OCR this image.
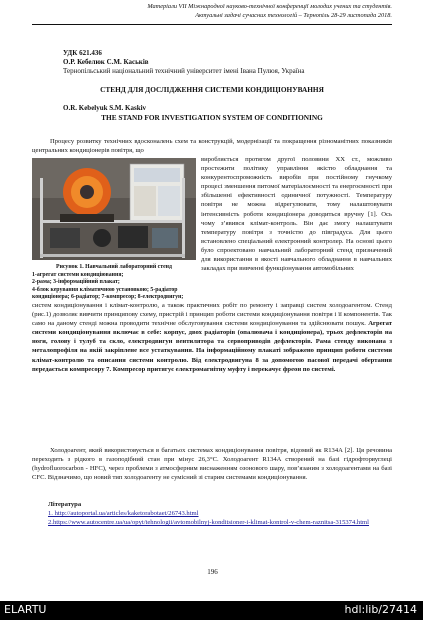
Матеріали VII Міжнародної науково-технічної конференції молодих учених та студентів.
Актуальні задачі сучасних технологій – Тернопіль 28-29 листопада 2018.
УДК 621.436
О.Р. Кебелюк С.М. Каськів
Тернопільський національний технічний університет імені Івана Пулюя, Україна
СТЕНД ДЛЯ ДОСЛІДЖЕННЯ СИСТЕМИ КОНДИЦІОНУВАННЯ
O.R. Kebelyuk S.M. Kaskiv
THE STAND FOR INVESTIGATION SYSTEM OF CONDITIONING
Процесу розвитку технічних вдосконалень схем та конструкцій, модернізації та покращення різноманітних показників центральних кондиціонерів повітря, що
Рисунок 1. Навчальний лабораторний стенд
1-агрегат системи кондиціювання;
2-рама; 3-інформаційний плакат;
4-блок керування кліматичною установкою; 5-радіатор кондиціонера; 6-радіатор; 7-компресор; 8-електродвигун;
виробляється протягом другої половини XX ст., можливо простежити політику управління якістю обладнання та конкурентоспроможність виробів при постійному гнучкому процесі зменшення питомої матеріалоємності та енергоємності при збільшенні ефективності одиничної потужності. Температуру повітря не можна відрегулювати, тому налаштовувати інтенсивність роботи кондиціонера доводиться вручну [1]. Ось чому з’явився клімат-контроль. Він дає змогу налаштувати температуру повітря з точністю до півградуса. Для цього встановлено спеціальний електронний контролер. На основі цього було спроектовано навчальний лабораторний стенд призначений для використання в якості навчального обладнання в навчальних закладах при вивченні функціонування автомобільних
систем кондиціонування і клімат-контролю, а також практичних робіт по ремонту і заправці систем холодоагентом. Стенд (рис.1) дозволяє вивчити принципову схему, пристрій і принцип роботи системи кондиціонування повітря і її компонентів. Так само на даному стенді можна проводити технічне обслуговування системи кондиціонування та здійснювати пошук. Агрегат системи кондиціонування включає в себе: корпус, двох радіаторів (опалювача і кондиціонера), трьох дефлекторів на ноги, голову і тулуб та скло, електродвигун вентилятора та сервоприводів дефлекторів. Рама стенду виконана з металопрофіля на якій закріплене все устаткування. На інформаційному плакаті зображено принцип роботи системи клімат-контролю та описання системи контролю. Від електродвигуна 8 за допомогою пасової передачі обертання передається компресору 7. Компресор притягує електромагнітну муфту і перекачує фреон по системі.
Холодоагент, який використовується в багатьох системах кондиціонування повітря, відомий як R134A [2]. Ця речовина переходить з рідкого в газоподібний стан при мінус 26,3°C. Холодоагент R134A створений на базі гідрофторвуглеці (hydrofluorocarbon - HFC), через проблеми з атмосферним виснаженням озонового шару, пов’язаним з холодоагентами на базі CFC. Відзначимо, що новий тип холодоагенту не сумісний зі старим системами кондиціонування.
Література
1. http://autoportal.ua/articles/kaketorabotaet/26743.html
2.https://www.autocentre.ua/ua/opyt/tehnologii/avtomobilnyj-konditsioner-i-klimat-kontrol-v-chem-raznitsa-315374.html
196
ELARTU	hdl:lib/27414
